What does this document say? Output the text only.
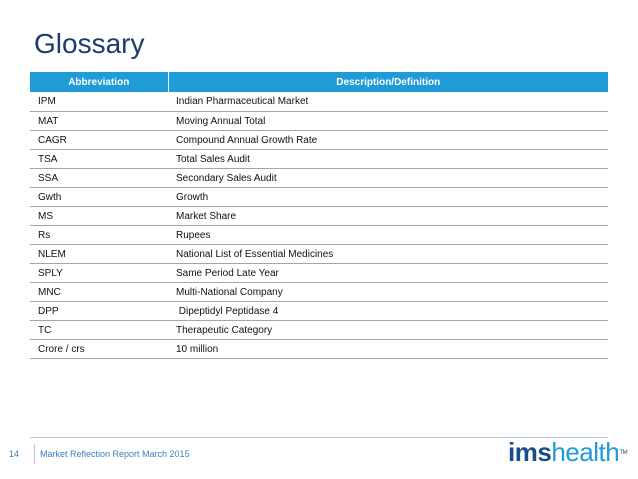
Glossary
Abbreviation	Description/Definition
IPM	Indian Pharmaceutical Market
MAT	Moving Annual Total
CAGR	Compound Annual Growth Rate
TSA	Total Sales Audit
SSA	Secondary Sales Audit
Gwth	Growth
MS	Market Share
Rs	Rupees
NLEM	National List of Essential Medicines
SPLY	Same Period Late Year
MNC	Multi-National Company
DPP	Dipeptidyl Peptidase 4
TC	Therapeutic Category
Crore / crs	10 million
14 Market Reflection Report March 2015	imshealth TM
